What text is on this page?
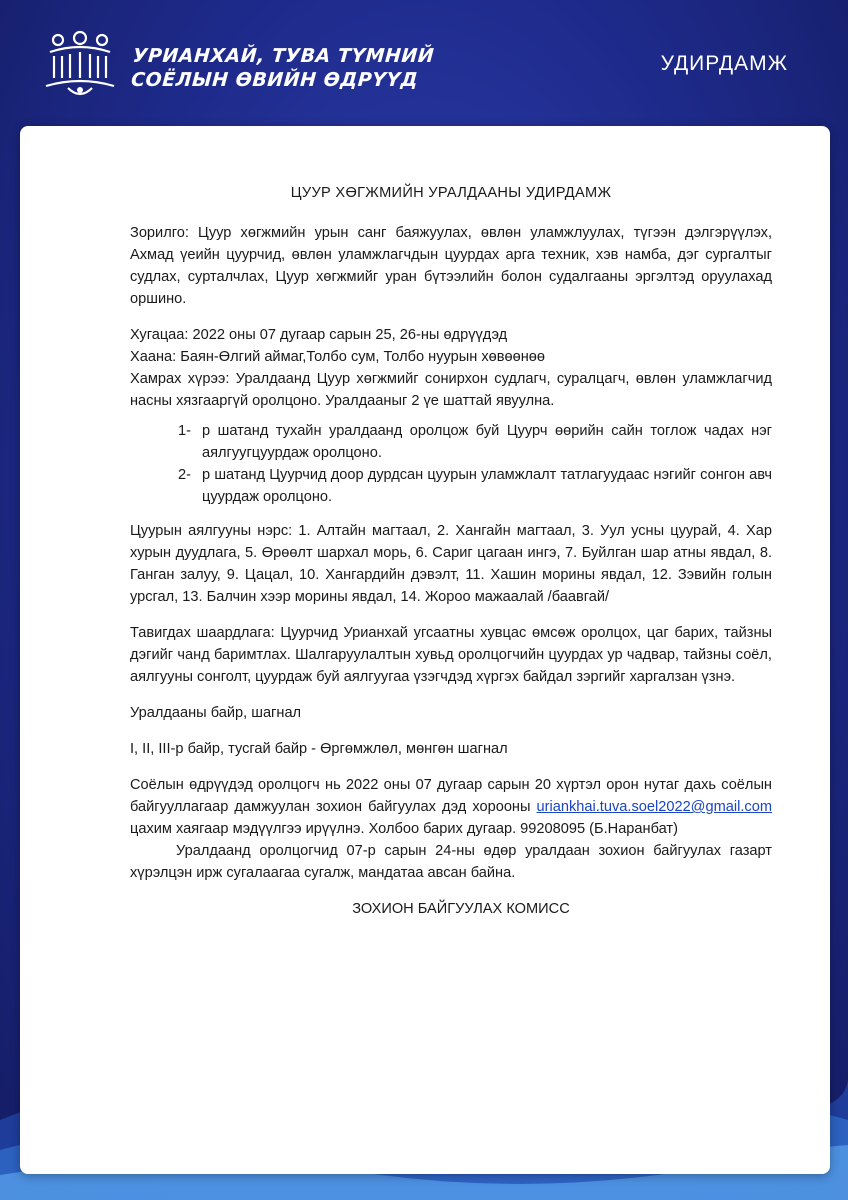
УРИАНХАЙ, ТУВА ТҮМНИЙ
СОЁЛЫН ӨВИЙН ӨДРҮҮД
УДИРДАМЖ
ЦУУР ХӨГЖМИЙН УРАЛДААНЫ УДИРДАМЖ

Зорилго: Цуур хөгжмийн урын санг баяжуулах, өвлөн уламжлуулах, түгээн дэлгэрүүлэх, Ахмад үеийн цуурчид, өвлөн уламжлагчдын цуурдах арга техник, хэв намба, дэг сургалтыг судлах, сурталчлах, Цуур хөгжмийг уран бүтээлийн болон судалгааны эргэлтэд оруулахад оршино.

Хугацаа: 2022 оны 07 дугаар сарын 25, 26-ны өдрүүдэд

Хаана: Баян-Өлгий аймаг,Толбо сум, Толбо нуурын хөвөөнөө

Хамрах хүрээ: Уралдаанд Цуур хөгжмийг сонирхон судлагч, суралцагч, өвлөн уламжлагчид насны хязгааргүй оролцоно. Уралдааныг 2 үе шаттай явуулна.

1- р шатанд тухайн уралдаанд оролцож буй Цуурч өөрийн сайн тоглож чадах нэг аялгуугцуурдаж оролцоно.
2- р шатанд Цуурчид доор дурдсан цуурын уламжлалт татлагуудаас нэгийг сонгон авч цуурдаж оролцоно.

Цуурын аялгууны нэрс: 1. Алтайн магтаал, 2. Хангайн магтаал, 3. Уул усны цуурай, 4. Хар хурын дуудлага, 5. Өрөөлт шархал морь, 6. Сариг цагаан ингэ, 7. Буйлган шар атны явдал, 8. Ганган залуу, 9. Цацал, 10. Хангардийн дэвэлт, 11. Хашин морины явдал, 12. Зэвийн голын урсгал, 13. Балчин хээр морины явдал, 14. Жороо мажаалай /баавгай/

Тавигдах шаардлага: Цуурчид Урианхай угсаатны хувцас өмсөж оролцох, цаг барих, тайзны дэгийг чанд баримтлах. Шалгаруулалтын хувьд оролцогчийн цуурдах ур чадвар, тайзны соёл, аялгууны сонголт, цуурдаж буй аялгуугаа үзэгчдэд хүргэх байдал зэргийг харгалзан үзнэ.

Уралдааны байр, шагнал

I, II, III-р байр, тусгай байр - Өргөмжлөл, мөнгөн шагнал

Соёлын өдрүүдэд оролцогч нь 2022 оны 07 дугаар сарын 20 хүртэл орон нутаг дахь соёлын байгууллагаар дамжуулан зохион байгуулах дэд хорооны uriankhai.tuva.soel2022@gmail.com цахим хаягаар мэдүүлгээ ирүүлнэ. Холбоо барих дугаар. 99208095 (Б.Наранбат)

Уралдаанд оролцогчид 07-р сарын 24-ны өдөр уралдаан зохион байгуулах газарт хүрэлцэн ирж сугалаагаа сугалж, мандатаа авсан байна.

ЗОХИОН БАЙГУУЛАХ КОМИСС
